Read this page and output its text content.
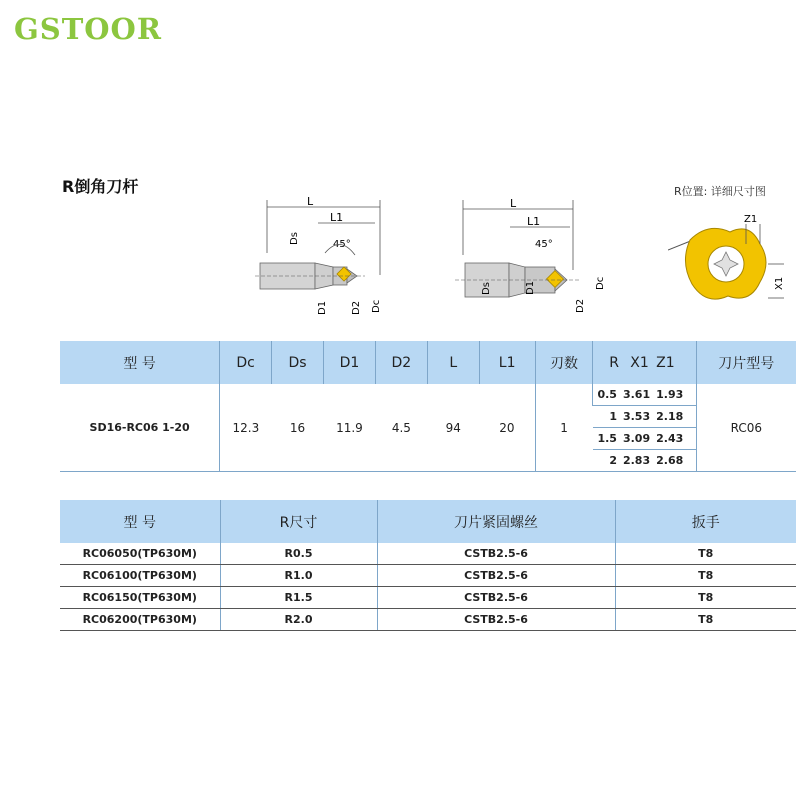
GSTOOR
R倒角刀杆	R位置: 详细尺寸图
L
L1
45°
Ds
D1 D2 Dc
L
L1
45°
Ds	D1
D2
Dc
Z1
X1
型 号	Dc	Ds	D1	D2	L	L1	刃数	R	X1	Z1	刀片型号
SD16-RC06 1-20	12.3	16	11.9	4.5	94	20	1	0.5	3.61	1.93	RC06
								1	3.53	2.18	
								1.5	3.09	2.43	
								2	2.83	2.68	
型 号	R尺寸	刀片紧固螺丝	扳手
RC06050(TP630M)	R0.5	CSTB2.5-6	T8
RC06100(TP630M)	R1.0	CSTB2.5-6	T8
RC06150(TP630M)	R1.5	CSTB2.5-6	T8
RC06200(TP630M)	R2.0	CSTB2.5-6	T8
